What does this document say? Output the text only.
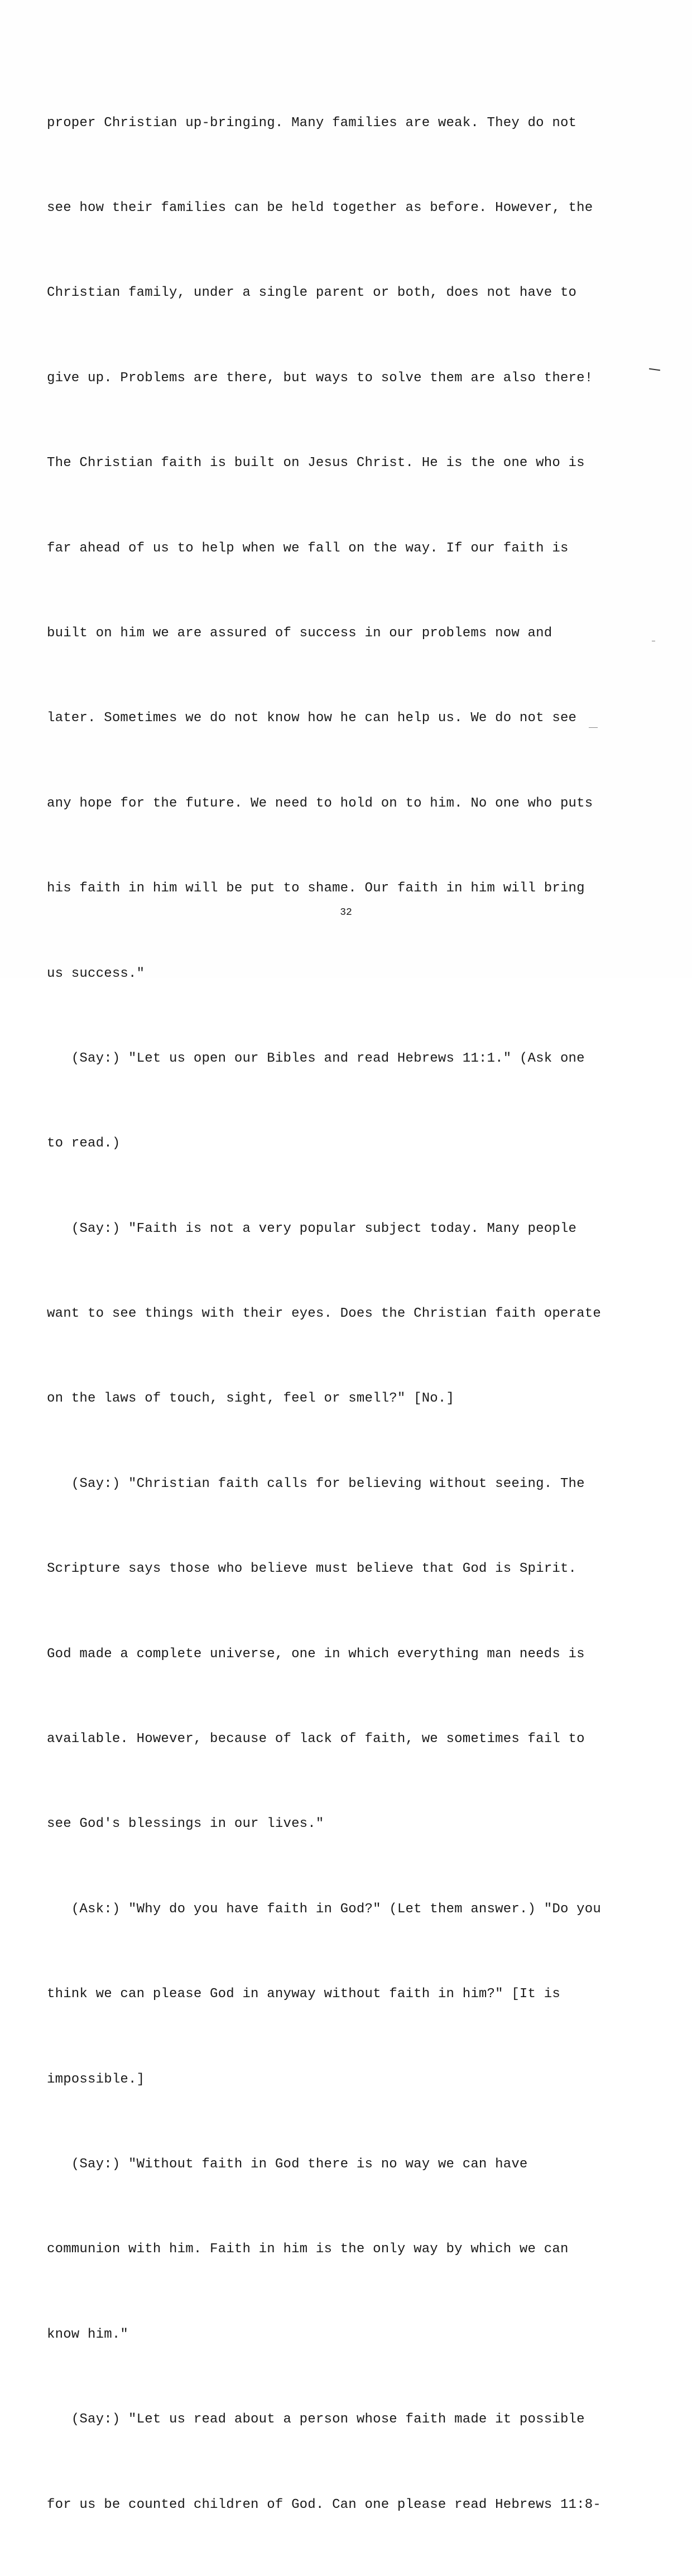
proper Christian up-bringing. Many families are weak. They do not

see how their families can be held together as before. However, the

Christian family, under a single parent or both, does not have to

give up. Problems are there, but ways to solve them are also there!

The Christian faith is built on Jesus Christ. He is the one who is

far ahead of us to help when we fall on the way. If our faith is

built on him we are assured of success in our problems now and

later. Sometimes we do not know how he can help us. We do not see

any hope for the future. We need to hold on to him. No one who puts

his faith in him will be put to shame. Our faith in him will bring

us success."

(Say:) "Let us open our Bibles and read Hebrews 11:1." (Ask one

to read.)

(Say:) "Faith is not a very popular subject today. Many people

want to see things with their eyes. Does the Christian faith operate

on the laws of touch, sight, feel or smell?" [No.]

(Say:) "Christian faith calls for believing without seeing. The

Scripture says those who believe must believe that God is Spirit.

God made a complete universe, one in which everything man needs is

available. However, because of lack of faith, we sometimes fail to

see God's blessings in our lives."

(Ask:) "Why do you have faith in God?" (Let them answer.) "Do you

think we can please God in anyway without faith in him?" [It is

impossible.]

(Say:) "Without faith in God there is no way we can have

communion with him. Faith in him is the only way by which we can

know him."

(Say:) "Let us read about a person whose faith made it possible

for us be counted children of God. Can one please read Hebrews 11:8-

32
